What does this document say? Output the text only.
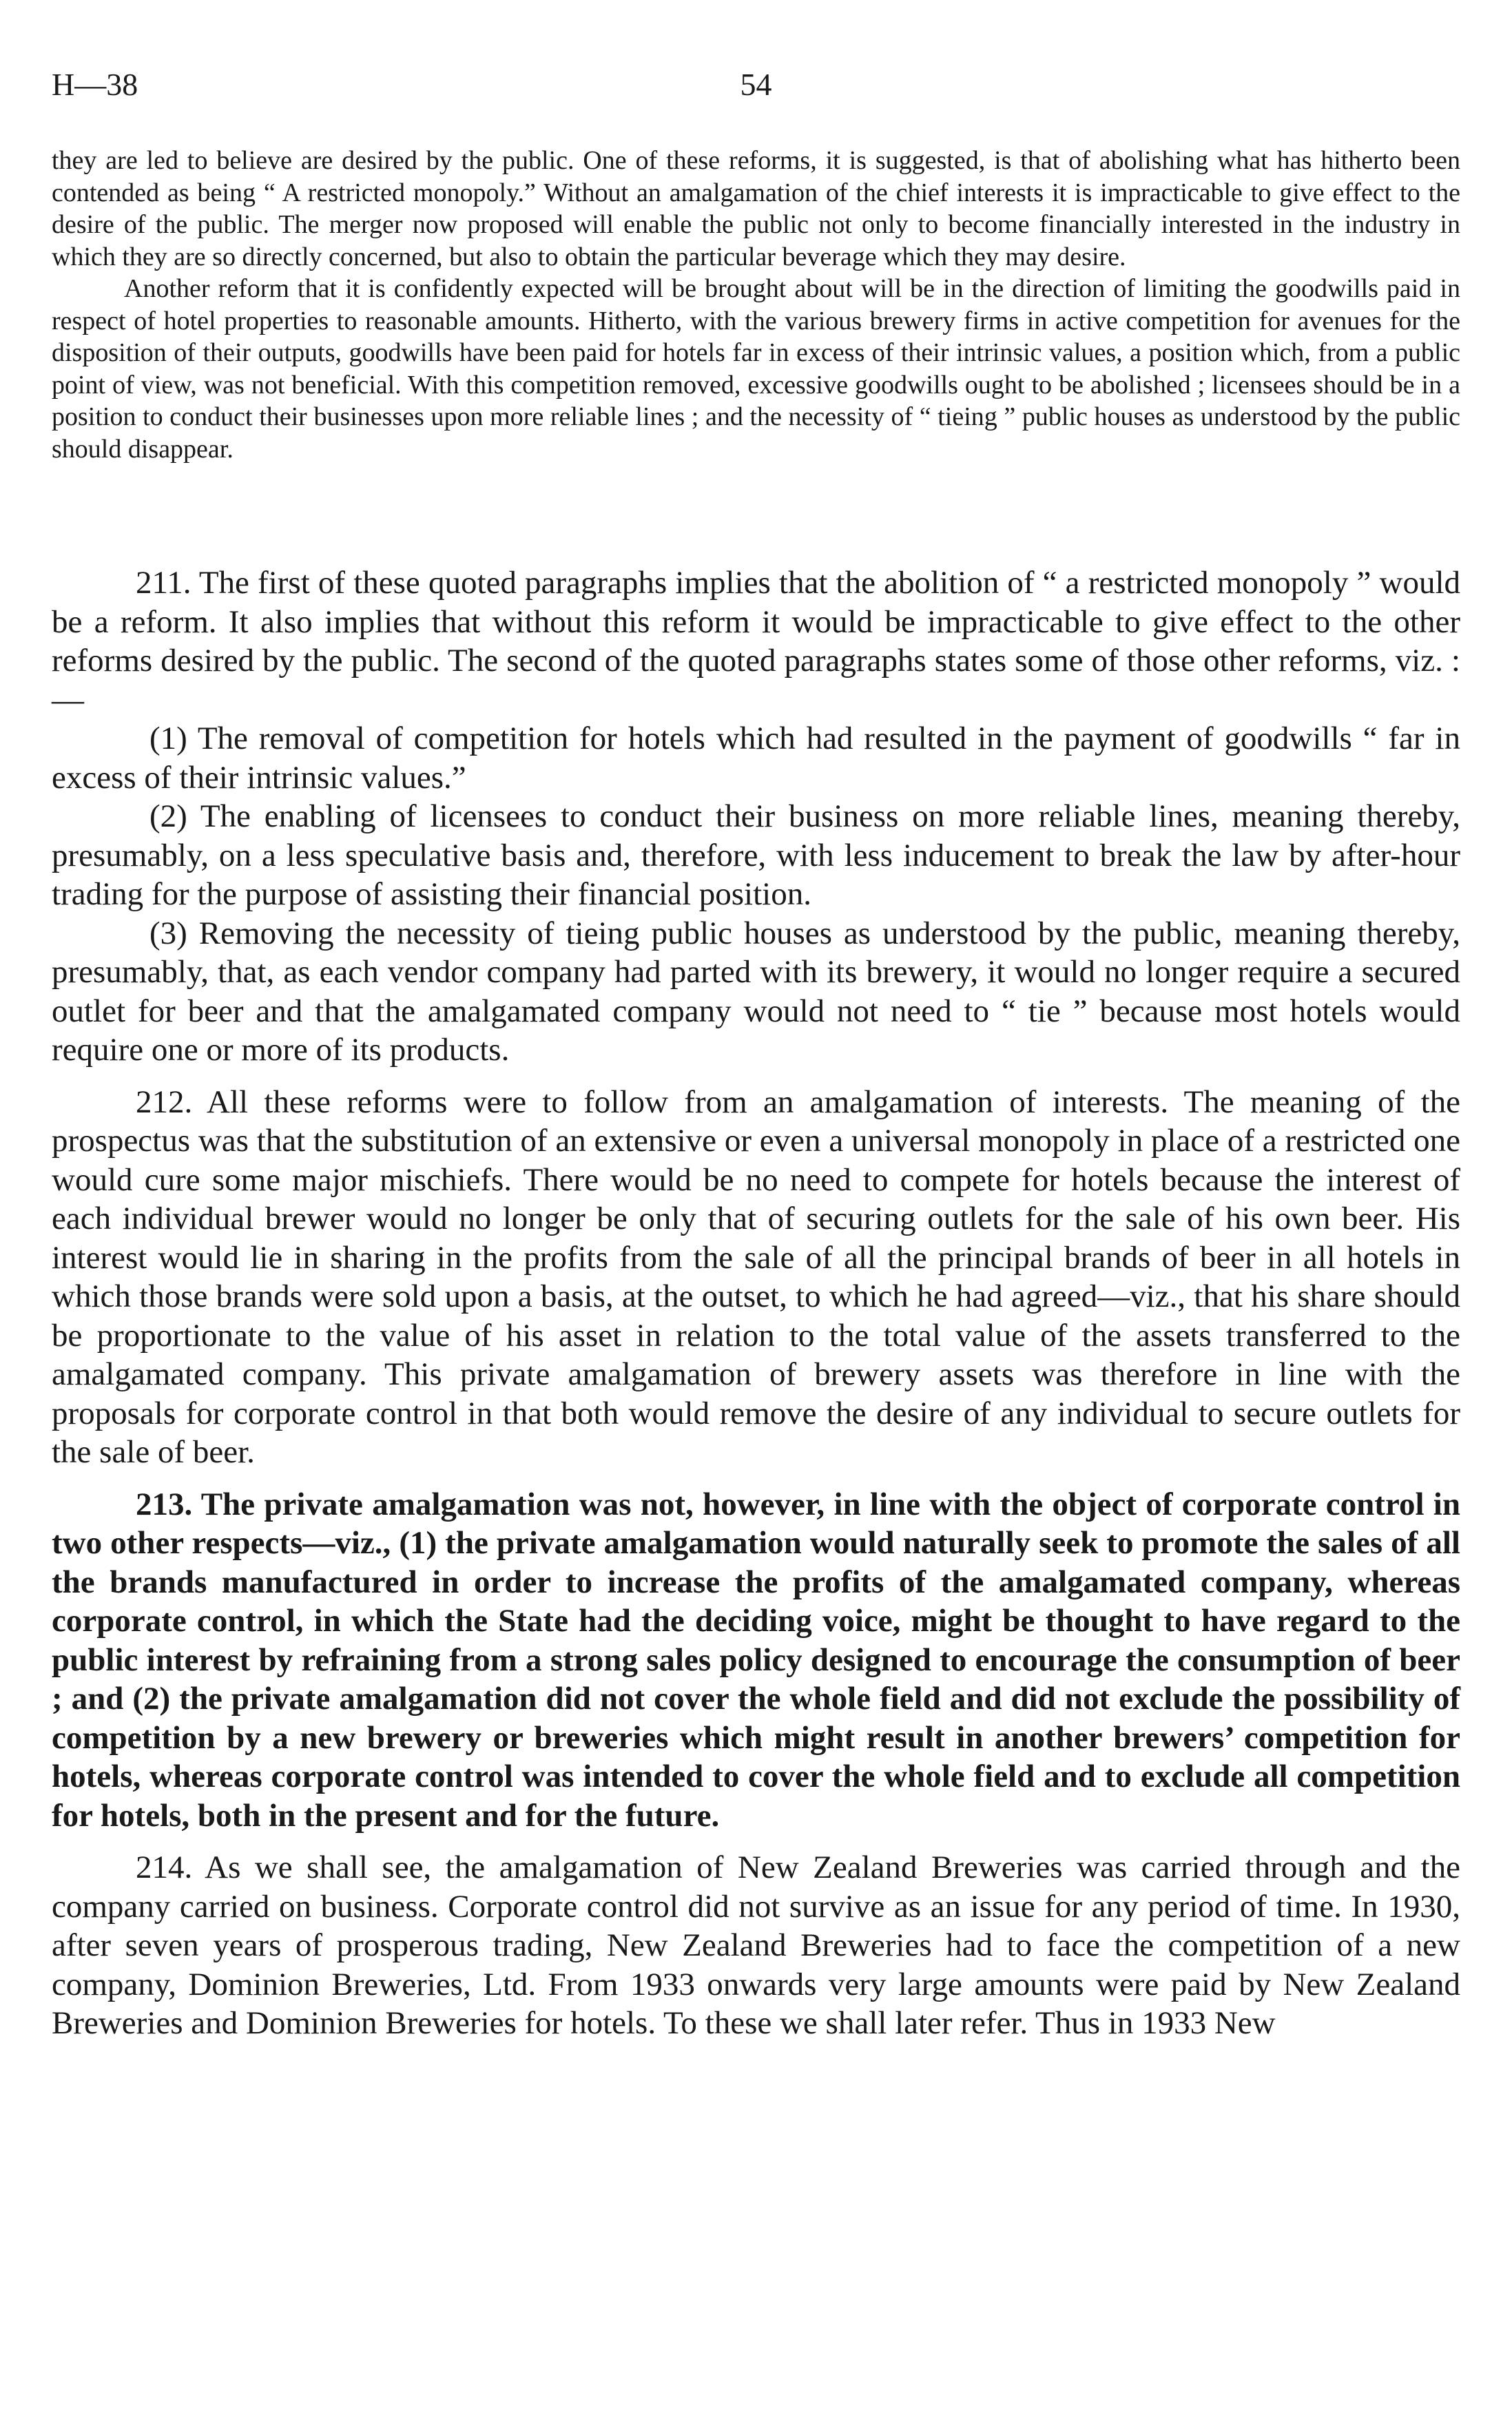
H—38	54

they are led to believe are desired by the public. One of these reforms, it is suggested, is that of abolishing what has hitherto been contended as being “ A restricted monopoly.” Without an amalgamation of the chief interests it is impracticable to give effect to the desire of the public. The merger now proposed will enable the public not only to become financially interested in the industry in which they are so directly concerned, but also to obtain the particular beverage which they may desire.

Another reform that it is confidently expected will be brought about will be in the direction of limiting the goodwills paid in respect of hotel properties to reasonable amounts. Hitherto, with the various brewery firms in active competition for avenues for the disposition of their outputs, goodwills have been paid for hotels far in excess of their intrinsic values, a position which, from a public point of view, was not beneficial. With this competition removed, excessive goodwills ought to be abolished ; licensees should be in a position to conduct their businesses upon more reliable lines ; and the necessity of “ tieing ” public houses as understood by the public should disappear.

211. The first of these quoted paragraphs implies that the abolition of “ a restricted monopoly ” would be a reform. It also implies that without this reform it would be impracticable to give effect to the other reforms desired by the public. The second of the quoted paragraphs states some of those other reforms, viz. :—

(1) The removal of competition for hotels which had resulted in the payment of goodwills “ far in excess of their intrinsic values.”

(2) The enabling of licensees to conduct their business on more reliable lines, meaning thereby, presumably, on a less speculative basis and, therefore, with less inducement to break the law by after-hour trading for the purpose of assisting their financial position.

(3) Removing the necessity of tieing public houses as understood by the public, meaning thereby, presumably, that, as each vendor company had parted with its brewery, it would no longer require a secured outlet for beer and that the amalgamated company would not need to “ tie ” because most hotels would require one or more of its products.

212. All these reforms were to follow from an amalgamation of interests. The meaning of the prospectus was that the substitution of an extensive or even a universal monopoly in place of a restricted one would cure some major mischiefs. There would be no need to compete for hotels because the interest of each individual brewer would no longer be only that of securing outlets for the sale of his own beer. His interest would lie in sharing in the profits from the sale of all the principal brands of beer in all hotels in which those brands were sold upon a basis, at the outset, to which he had agreed—viz., that his share should be proportionate to the value of his asset in relation to the total value of the assets transferred to the amalgamated company. This private amalgamation of brewery assets was therefore in line with the proposals for corporate control in that both would remove the desire of any individual to secure outlets for the sale of beer.

213. The private amalgamation was not, however, in line with the object of corporate control in two other respects—viz., (1) the private amalgamation would naturally seek to promote the sales of all the brands manufactured in order to increase the profits of the amalgamated company, whereas corporate control, in which the State had the deciding voice, might be thought to have regard to the public interest by refraining from a strong sales policy designed to encourage the consumption of beer ; and (2) the private amalgamation did not cover the whole field and did not exclude the possibility of competition by a new brewery or breweries which might result in another brewers’ competition for hotels, whereas corporate control was intended to cover the whole field and to exclude all competition for hotels, both in the present and for the future.

214. As we shall see, the amalgamation of New Zealand Breweries was carried through and the company carried on business. Corporate control did not survive as an issue for any period of time. In 1930, after seven years of prosperous trading, New Zealand Breweries had to face the competition of a new company, Dominion Breweries, Ltd. From 1933 onwards very large amounts were paid by New Zealand Breweries and Dominion Breweries for hotels. To these we shall later refer. Thus in 1933 New
